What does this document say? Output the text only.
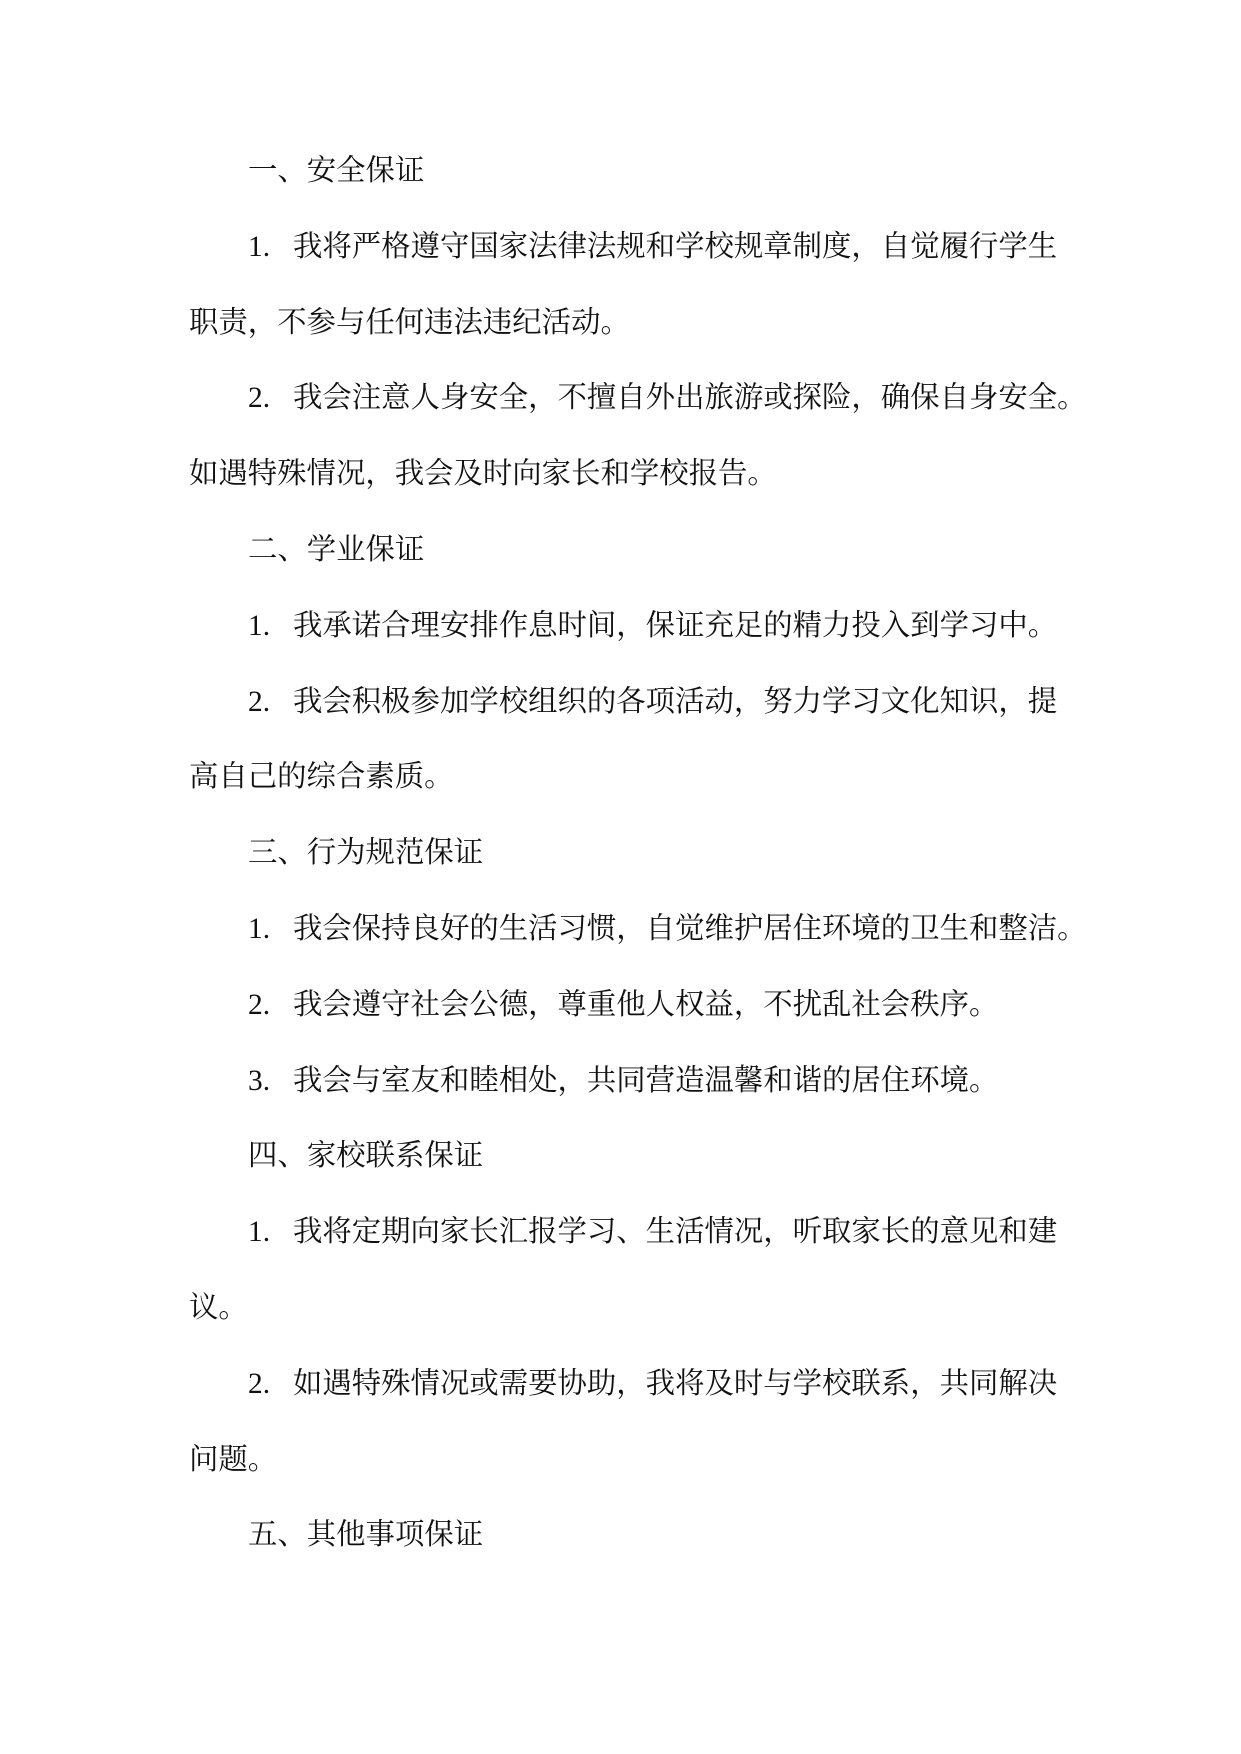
一、安全保证
1. 我将严格遵守国家法律法规和学校规章制度，自觉履行学生
职责，不参与任何违法违纪活动。
2. 我会注意人身安全，不擅自外出旅游或探险，确保自身安全。
如遇特殊情况，我会及时向家长和学校报告。
二、学业保证
1. 我承诺合理安排作息时间，保证充足的精力投入到学习中。
2. 我会积极参加学校组织的各项活动，努力学习文化知识，提
高自己的综合素质。
三、行为规范保证
1. 我会保持良好的生活习惯，自觉维护居住环境的卫生和整洁。
2. 我会遵守社会公德，尊重他人权益，不扰乱社会秩序。
3. 我会与室友和睦相处，共同营造温馨和谐的居住环境。
四、家校联系保证
1. 我将定期向家长汇报学习、生活情况，听取家长的意见和建
议。
2. 如遇特殊情况或需要协助，我将及时与学校联系，共同解决
问题。
五、其他事项保证
